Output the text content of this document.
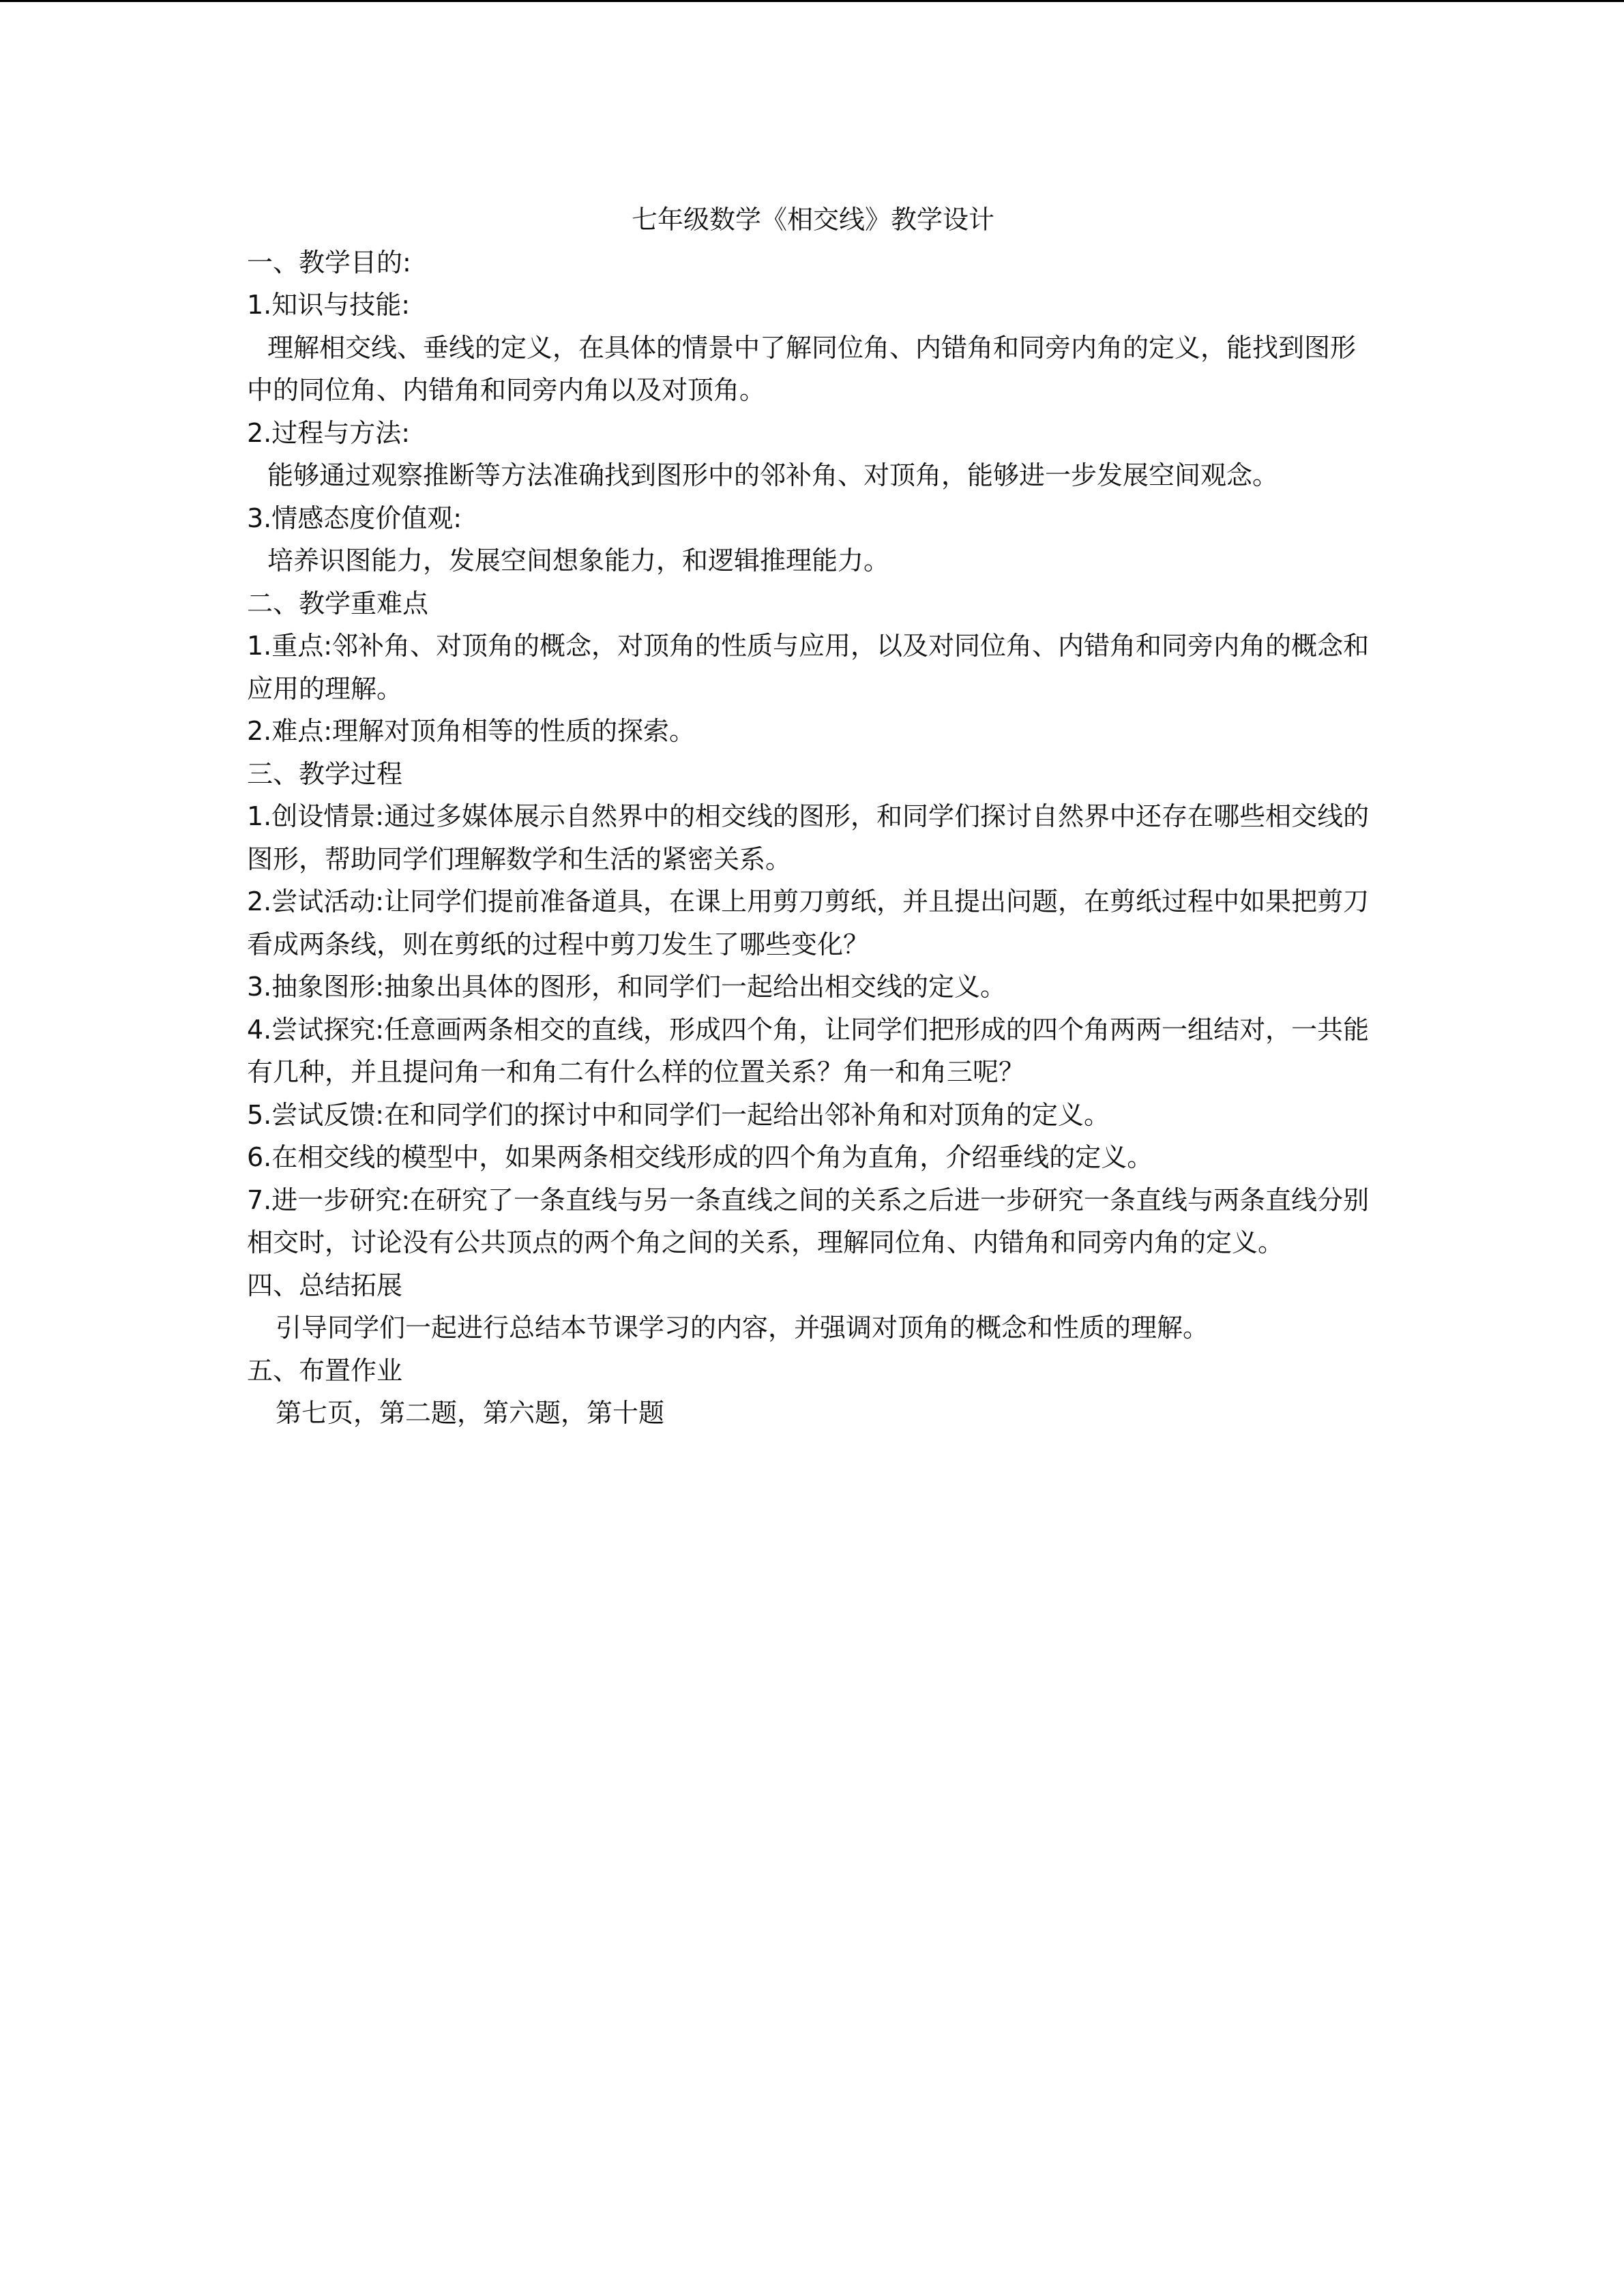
七年级数学《相交线》教学设计

一、教学目的:

1.知识与技能:

理解相交线、垂线的定义，在具体的情景中了解同位角、内错角和同旁内角的定义，能找到图形中的同位角、内错角和同旁内角以及对顶角。

2.过程与方法:

能够通过观察推断等方法准确找到图形中的邻补角、对顶角，能够进一步发展空间观念。

3.情感态度价值观:

培养识图能力，发展空间想象能力，和逻辑推理能力。

二、教学重难点

1.重点:邻补角、对顶角的概念，对顶角的性质与应用，以及对同位角、内错角和同旁内角的概念和应用的理解。

2.难点:理解对顶角相等的性质的探索。

三、教学过程

1.创设情景:通过多媒体展示自然界中的相交线的图形，和同学们探讨自然界中还存在哪些相交线的图形，帮助同学们理解数学和生活的紧密关系。

2.尝试活动:让同学们提前准备道具，在课上用剪刀剪纸，并且提出问题，在剪纸过程中如果把剪刀看成两条线，则在剪纸的过程中剪刀发生了哪些变化？

3.抽象图形:抽象出具体的图形，和同学们一起给出相交线的定义。

4.尝试探究:任意画两条相交的直线，形成四个角，让同学们把形成的四个角两两一组结对，一共能有几种，并且提问角一和角二有什么样的位置关系？角一和角三呢？

5.尝试反馈:在和同学们的探讨中和同学们一起给出邻补角和对顶角的定义。

6.在相交线的模型中，如果两条相交线形成的四个角为直角，介绍垂线的定义。

7.进一步研究:在研究了一条直线与另一条直线之间的关系之后进一步研究一条直线与两条直线分别相交时，讨论没有公共顶点的两个角之间的关系，理解同位角、内错角和同旁内角的定义。

四、总结拓展

引导同学们一起进行总结本节课学习的内容，并强调对顶角的概念和性质的理解。

五、布置作业

第七页，第二题，第六题，第十题
